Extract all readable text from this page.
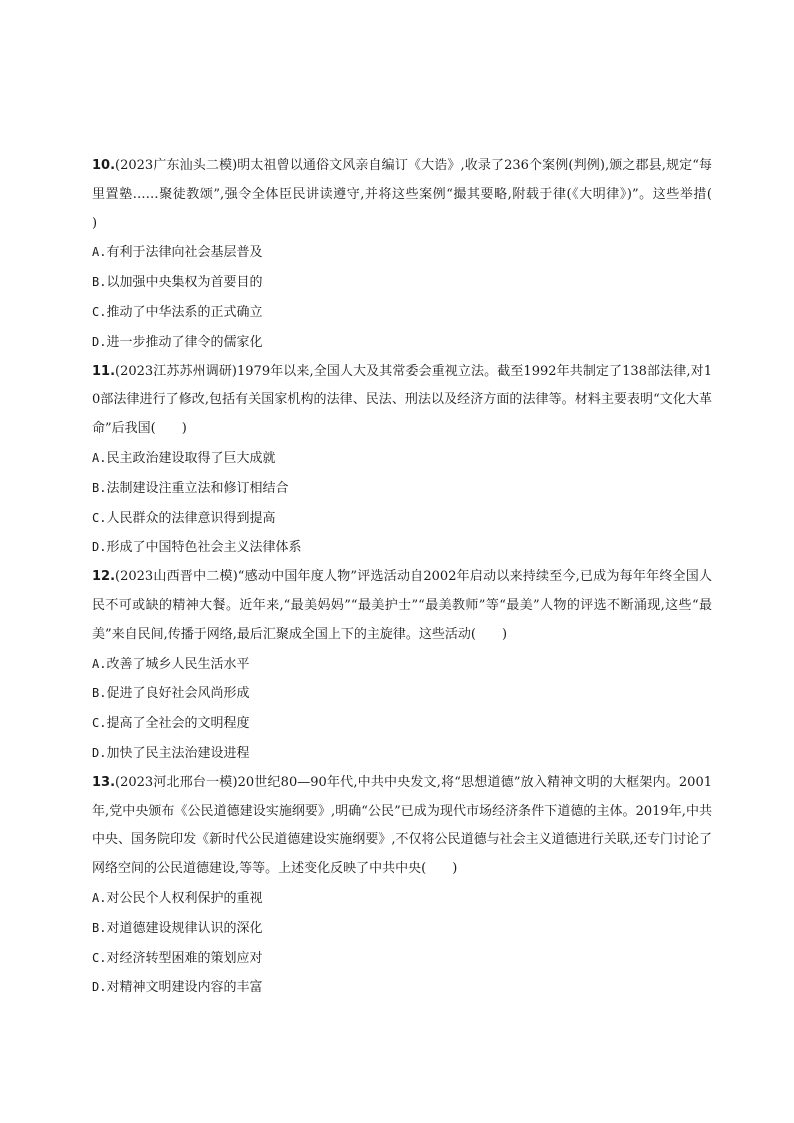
10.(2023广东汕头二模)明太祖曾以通俗文风亲自编订《大诰》,收录了236个案例(判例),颁之郡县,规定“每里置塾……聚徒教颂”,强令全体臣民讲读遵守,并将这些案例“撮其要略,附载于律(《大明律》)”。这些举措(　　)

A.有利于法律向社会基层普及

B.以加强中央集权为首要目的

C.推动了中华法系的正式确立

D.进一步推动了律令的儒家化

11.(2023江苏苏州调研)1979年以来,全国人大及其常委会重视立法。截至1992年共制定了138部法律,对10部法律进行了修改,包括有关国家机构的法律、民法、刑法以及经济方面的法律等。材料主要表明“文化大革命”后我国(　　)

A.民主政治建设取得了巨大成就

B.法制建设注重立法和修订相结合

C.人民群众的法律意识得到提高

D.形成了中国特色社会主义法律体系

12.(2023山西晋中二模)“感动中国年度人物”评选活动自2002年启动以来持续至今,已成为每年年终全国人民不可或缺的精神大餐。近年来,“最美妈妈”“最美护士”“最美教师”等“最美”人物的评选不断涌现,这些“最美”来自民间,传播于网络,最后汇聚成全国上下的主旋律。这些活动(　　)

A.改善了城乡人民生活水平

B.促进了良好社会风尚形成

C.提高了全社会的文明程度

D.加快了民主法治建设进程

13.(2023河北邢台一模)20世纪80—90年代,中共中央发文,将“思想道德”放入精神文明的大框架内。2001年,党中央颁布《公民道德建设实施纲要》,明确“公民”已成为现代市场经济条件下道德的主体。2019年,中共中央、国务院印发《新时代公民道德建设实施纲要》,不仅将公民道德与社会主义道德进行关联,还专门讨论了网络空间的公民道德建设,等等。上述变化反映了中共中央(　　)

A.对公民个人权利保护的重视

B.对道德建设规律认识的深化

C.对经济转型困难的策划应对

D.对精神文明建设内容的丰富
